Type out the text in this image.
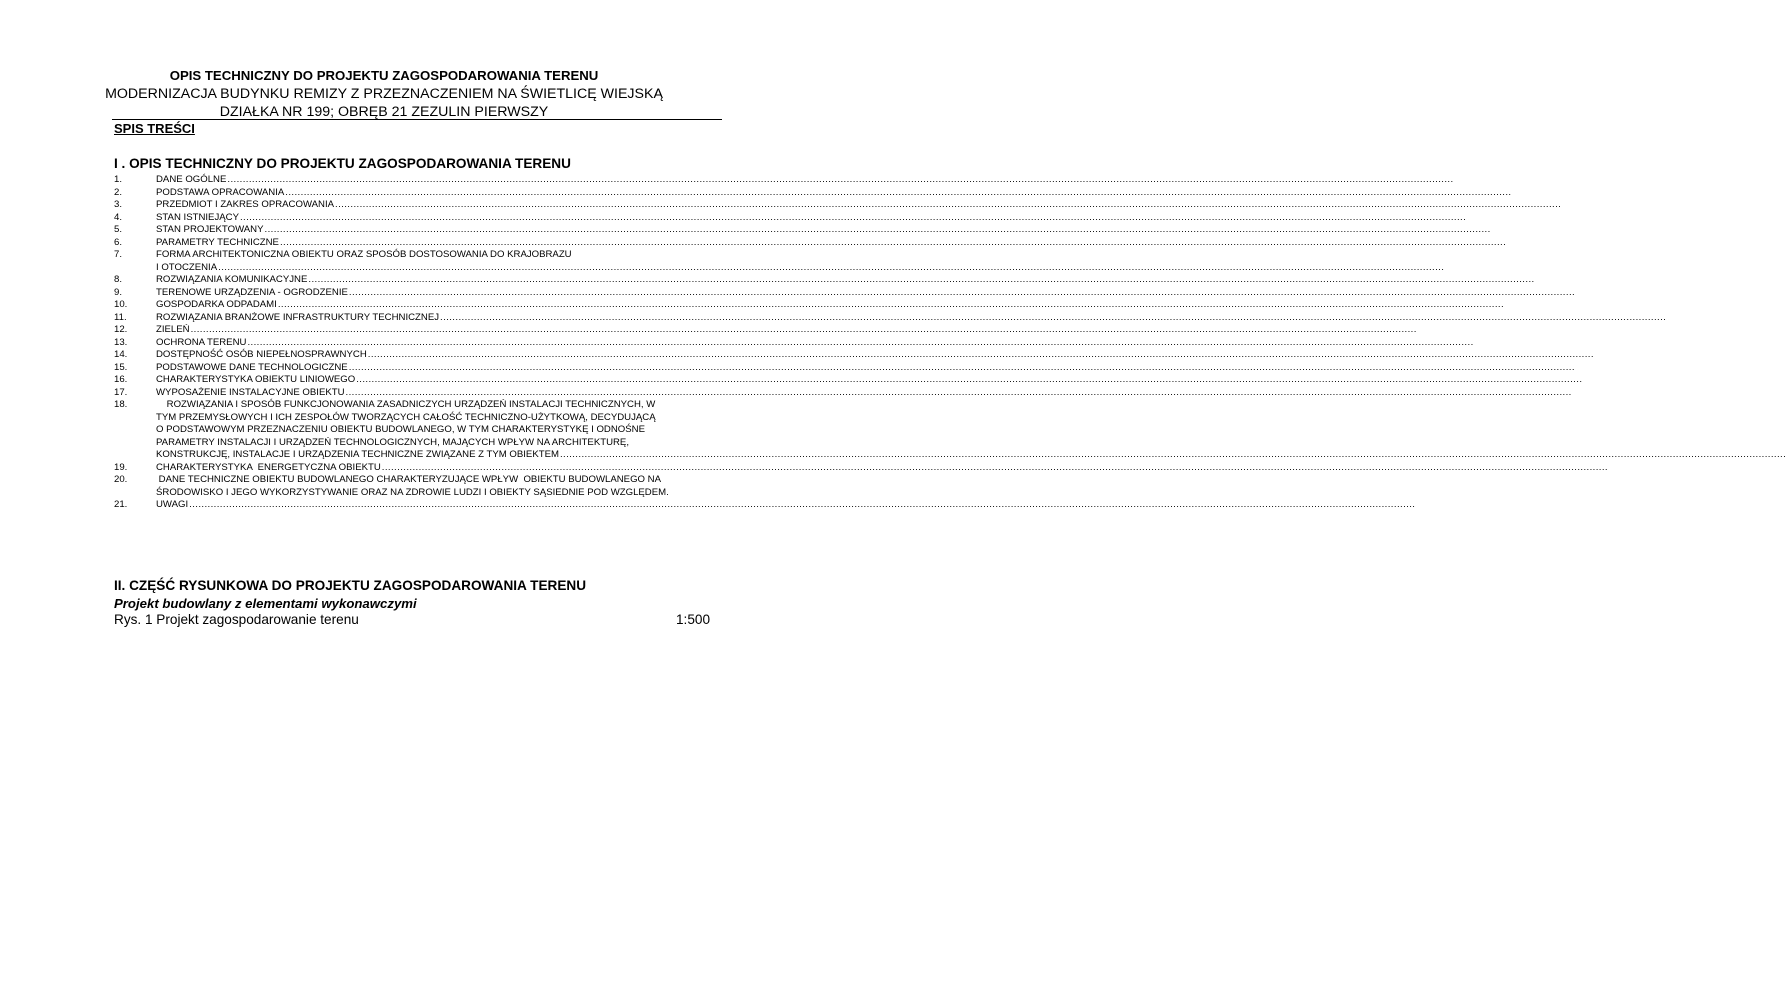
OPIS TECHNICZNY DO PROJEKTU ZAGOSPODAROWANIA TERENU
MODERNIZACJA BUDYNKU REMIZY Z PRZEZNACZENIEM NA ŚWIETLICĘ WIEJSKĄ
DZIAŁKA NR 199; OBRĘB 21 ZEZULIN PIERWSZY
SPIS TREŚCI
I . OPIS TECHNICZNY DO PROJEKTU ZAGOSPODAROWANIA TERENU
1.	DANE OGÓLNE ................................................................................................................................................................................................................................................................................................................................................................................................................
2.	PODSTAWA OPRACOWANIA ................................................................................................................................................................................................................................................................................................................................................................................................................
3.	PRZEDMIOT I ZAKRES OPRACOWANIA ................................................................................................................................................................................................................................................................................................................................................................................................................
4.	STAN ISTNIEJĄCY ................................................................................................................................................................................................................................................................................................................................................................................................................
5.	STAN PROJEKTOWANY ................................................................................................................................................................................................................................................................................................................................................................................................................
6.	PARAMETRY TECHNICZNE ................................................................................................................................................................................................................................................................................................................................................................................................................
7.	FORMA ARCHITEKTONICZNA OBIEKTU ORAZ SPOSÓB DOSTOSOWANIA DO KRAJOBRAZU
I OTOCZENIA ................................................................................................................................................................................................................................................................................................................................................................................................................
8.	ROZWIĄZANIA KOMUNIKACYJNE ................................................................................................................................................................................................................................................................................................................................................................................................................
9.	TERENOWE URZĄDZENIA - OGRODZENIE ................................................................................................................................................................................................................................................................................................................................................................................................................
10.	GOSPODARKA ODPADAMI ................................................................................................................................................................................................................................................................................................................................................................................................................
11.	ROZWIĄZANIA BRANŻOWE INFRASTRUKTURY TECHNICZNEJ ................................................................................................................................................................................................................................................................................................................................................................................................................
12.	ZIELEŃ ................................................................................................................................................................................................................................................................................................................................................................................................................
13.	OCHRONA TERENU ................................................................................................................................................................................................................................................................................................................................................................................................................
14.	DOSTĘPNOŚĆ OSÓB NIEPEŁNOSPRAWNYCH ................................................................................................................................................................................................................................................................................................................................................................................................................
15.	PODSTAWOWE DANE TECHNOLOGICZNE ................................................................................................................................................................................................................................................................................................................................................................................................................
16.	CHARAKTERYSTYKA OBIEKTU LINIOWEGO ................................................................................................................................................................................................................................................................................................................................................................................................................
17.	WYPOSAŻENIE INSTALACYJNE OBIEKTU ................................................................................................................................................................................................................................................................................................................................................................................................................
18.	ROZWIĄZANIA I SPOSÓB FUNKCJONOWANIA ZASADNICZYCH URZĄDZEŃ INSTALACJI TECHNICZNYCH, W
TYM PRZEMYSŁOWYCH I ICH ZESPOŁÓW TWORZĄCYCH CAŁOŚĆ TECHNICZNO-UŻYTKOWĄ, DECYDUJĄCĄ
O PODSTAWOWYM PRZEZNACZENIU OBIEKTU BUDOWLANEGO, W TYM CHARAKTERYSTYKĘ I ODNOŚNE
PARAMETRY INSTALACJI I URZĄDZEŃ TECHNOLOGICZNYCH, MAJĄCYCH WPŁYW NA ARCHITEKTURĘ,
KONSTRUKCJĘ, INSTALACJE I URZĄDZENIA TECHNICZNE ZWIĄZANE Z TYM OBIEKTEM ................................................................................................................................................................................................................................................................................................................................................................................................................
19.	CHARAKTERYSTYKA  ENERGETYCZNA OBIEKTU ................................................................................................................................................................................................................................................................................................................................................................................................................
20.	DANE TECHNICZNE OBIEKTU BUDOWLANEGO CHARAKTERYZUJĄCE WPŁYW  OBIEKTU BUDOWLANEGO NA
ŚRODOWISKO I JEGO WYKORZYSTYWANIE ORAZ NA ZDROWIE LUDZI I OBIEKTY SĄSIEDNIE POD WZGLĘDEM.
21.	UWAGI ................................................................................................................................................................................................................................................................................................................................................................................................................
II. CZĘŚĆ RYSUNKOWA DO PROJEKTU ZAGOSPODAROWANIA TERENU
Projekt budowlany z elementami wykonawczymi
Rys. 1 Projekt zagospodarowanie terenu	1:500
